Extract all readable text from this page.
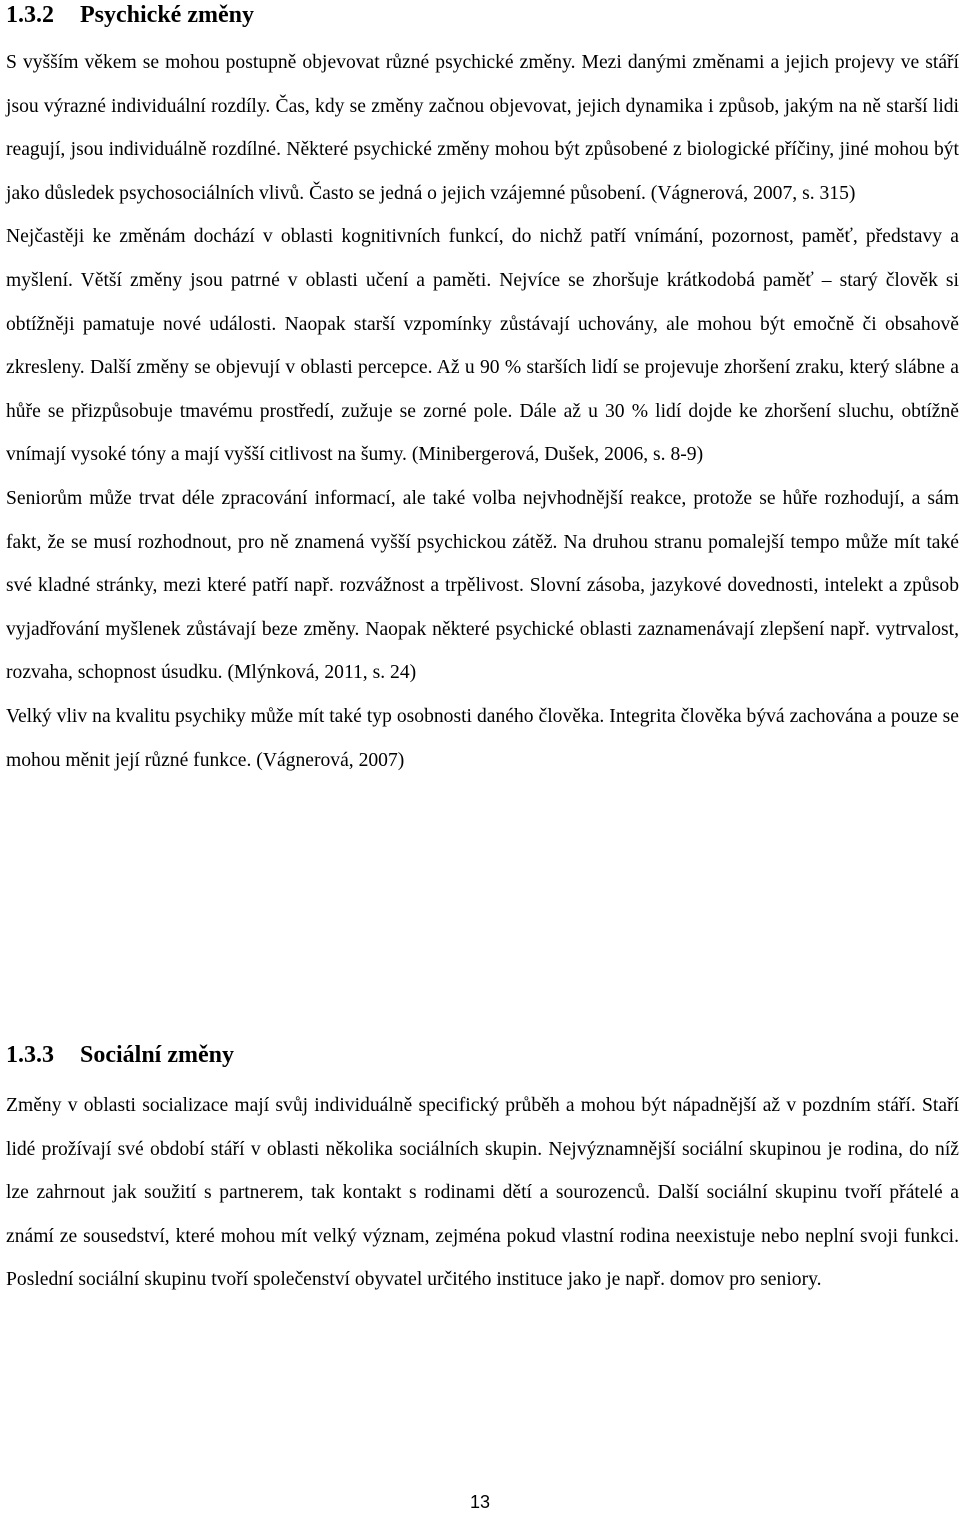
1.3.2 Psychické změny

S vyšším věkem se mohou postupně objevovat různé psychické změny. Mezi danými změnami a jejich projevy ve stáří jsou výrazné individuální rozdíly. Čas, kdy se změny začnou objevovat, jejich dynamika i způsob, jakým na ně starší lidi reagují, jsou individuálně rozdílné. Některé psychické změny mohou být způsobené z biologické příčiny, jiné mohou být jako důsledek psychosociálních vlivů. Často se jedná o jejich vzájemné působení. (Vágnerová, 2007, s. 315)

Nejčastěji ke změnám dochází v oblasti kognitivních funkcí, do nichž patří vnímání, pozornost, paměť, představy a myšlení. Větší změny jsou patrné v oblasti učení a paměti. Nejvíce se zhoršuje krátkodobá paměť – starý člověk si obtížněji pamatuje nové události. Naopak starší vzpomínky zůstávají uchovány, ale mohou být emočně či obsahově zkresleny. Další změny se objevují v oblasti percepce. Až u 90 % starších lidí se projevuje zhoršení zraku, který slábne a hůře se přizpůsobuje tmavému prostředí, zužuje se zorné pole. Dále až u 30 % lidí dojde ke zhoršení sluchu, obtížně vnímají vysoké tóny a mají vyšší citlivost na šumy. (Minibergerová, Dušek, 2006, s. 8-9)

Seniorům může trvat déle zpracování informací, ale také volba nejvhodnější reakce, protože se hůře rozhodují, a sám fakt, že se musí rozhodnout, pro ně znamená vyšší psychickou zátěž. Na druhou stranu pomalejší tempo může mít také své kladné stránky, mezi které patří např. rozvážnost a trpělivost. Slovní zásoba, jazykové dovednosti, intelekt a způsob vyjadřování myšlenek zůstávají beze změny. Naopak některé psychické oblasti zaznamenávají zlepšení např. vytrvalost, rozvaha, schopnost úsudku. (Mlýnková, 2011, s. 24)

Velký vliv na kvalitu psychiky může mít také typ osobnosti daného člověka. Integrita člověka bývá zachována a pouze se mohou měnit její různé funkce. (Vágnerová, 2007)

1.3.3 Sociální změny

Změny v oblasti socializace mají svůj individuálně specifický průběh a mohou být nápadnější až v pozdním stáří. Staří lidé prožívají své období stáří v oblasti několika sociálních skupin. Nejvýznamnější sociální skupinou je rodina, do níž lze zahrnout jak soužití s partnerem, tak kontakt s rodinami dětí a sourozenců. Další sociální skupinu tvoří přátelé a známí ze sousedství, které mohou mít velký význam, zejména pokud vlastní rodina neexistuje nebo neplní svoji funkci. Poslední sociální skupinu tvoří společenství obyvatel určitého instituce jako je např. domov pro seniory.

13
